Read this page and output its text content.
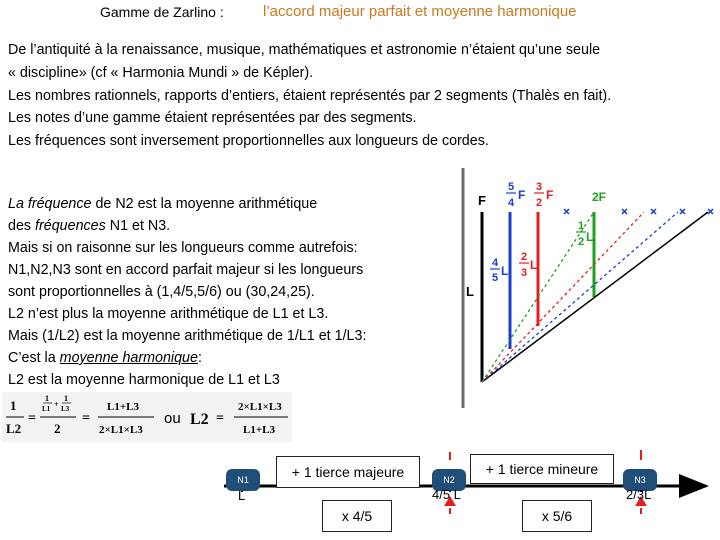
Gamme de Zarlino :	l’accord majeur parfait et moyenne harmonique
De l’antiquité à la renaissance, musique, mathématiques et astronomie n’étaient qu’une seule
« discipline» (cf « Harmonia Mundi » de Képler).
Les nombres rationnels, rapports d’entiers, étaient représentés par 2 segments (Thalès en fait).
Les notes d’une gamme étaient représentées par des segments.
Les fréquences sont inversement proportionnelles aux longueurs de cordes.
La fréquence de N2 est la moyenne arithmétique
des fréquences N1 et N3.
Mais si on raisonne sur les longueurs comme autrefois:
N1,N2,N3 sont en accord parfait majeur si les longueurs
sont proportionnelles à (1,4/5,5/6) ou (30,24,25).
L2 n’est plus la moyenne arithmétique de L1 et L3.
Mais (1/L2) est la moyenne arithmétique de 1/L1 et 1/L3:
C’est la moyenne harmonique:
L2 est la moyenne harmonique de L1 et L3
F
5
4
F
3
2
F	2F
L
4
5 L
2
3
L
1
2 L
1
L2
=
1
L1 +
1
L3
2
=
L1+L3
2×L1×L3
ou L2 =
2×L1×L3
L1+L3
N1	N2	N3
+ 1 tierce majeure	+ 1 tierce mineure
x 4/5	x 5/6
L	4/5 L	2/3L
